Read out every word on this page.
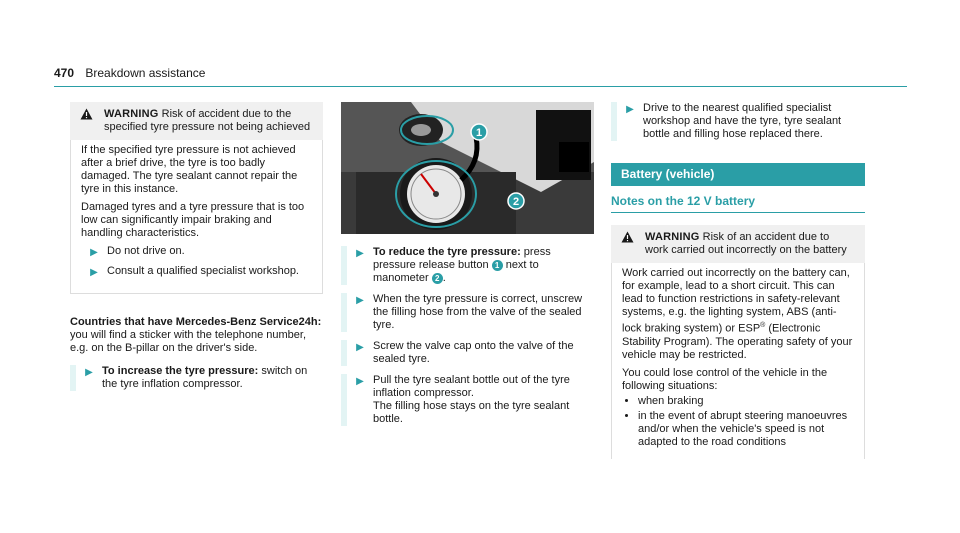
470 Breakdown assistance
WARNING Risk of accident due to the specified tyre pressure not being achieved

If the specified tyre pressure is not achieved after a brief drive, the tyre is too badly damaged. The tyre sealant cannot repair the tyre in this instance.

Damaged tyres and a tyre pressure that is too low can significantly impair braking and handling characteristics.

▶ Do not drive on.
▶ Consult a qualified specialist workshop.

Countries that have Mercedes-Benz Service24h: you will find a sticker with the telephone number, e.g. on the B-pillar on the driver's side.

▶ To increase the tyre pressure: switch on the tyre inflation compressor.
1
2
▶ To reduce the tyre pressure: press pressure release button 1 next to manometer 2 .
▶ When the tyre pressure is correct, unscrew the filling hose from the valve of the sealed tyre.
▶ Screw the valve cap onto the valve of the sealed tyre.
▶ Pull the tyre sealant bottle out of the tyre inflation compressor.
The filling hose stays on the tyre sealant bottle.
▶ Drive to the nearest qualified specialist workshop and have the tyre, tyre sealant bottle and filling hose replaced there.
Battery (vehicle)
Notes on the 12 V battery
WARNING Risk of an accident due to work carried out incorrectly on the battery

Work carried out incorrectly on the battery can, for example, lead to a short circuit. This can lead to function restrictions in safety-relevant systems, e.g. the lighting system, ABS (anti-lock braking system) or ESP® (Electronic Stability Program). The operating safety of your vehicle may be restricted.

You could lose control of the vehicle in the following situations:

• when braking
• in the event of abrupt steering manoeuvres and/or when the vehicle's speed is not adapted to the road conditions
